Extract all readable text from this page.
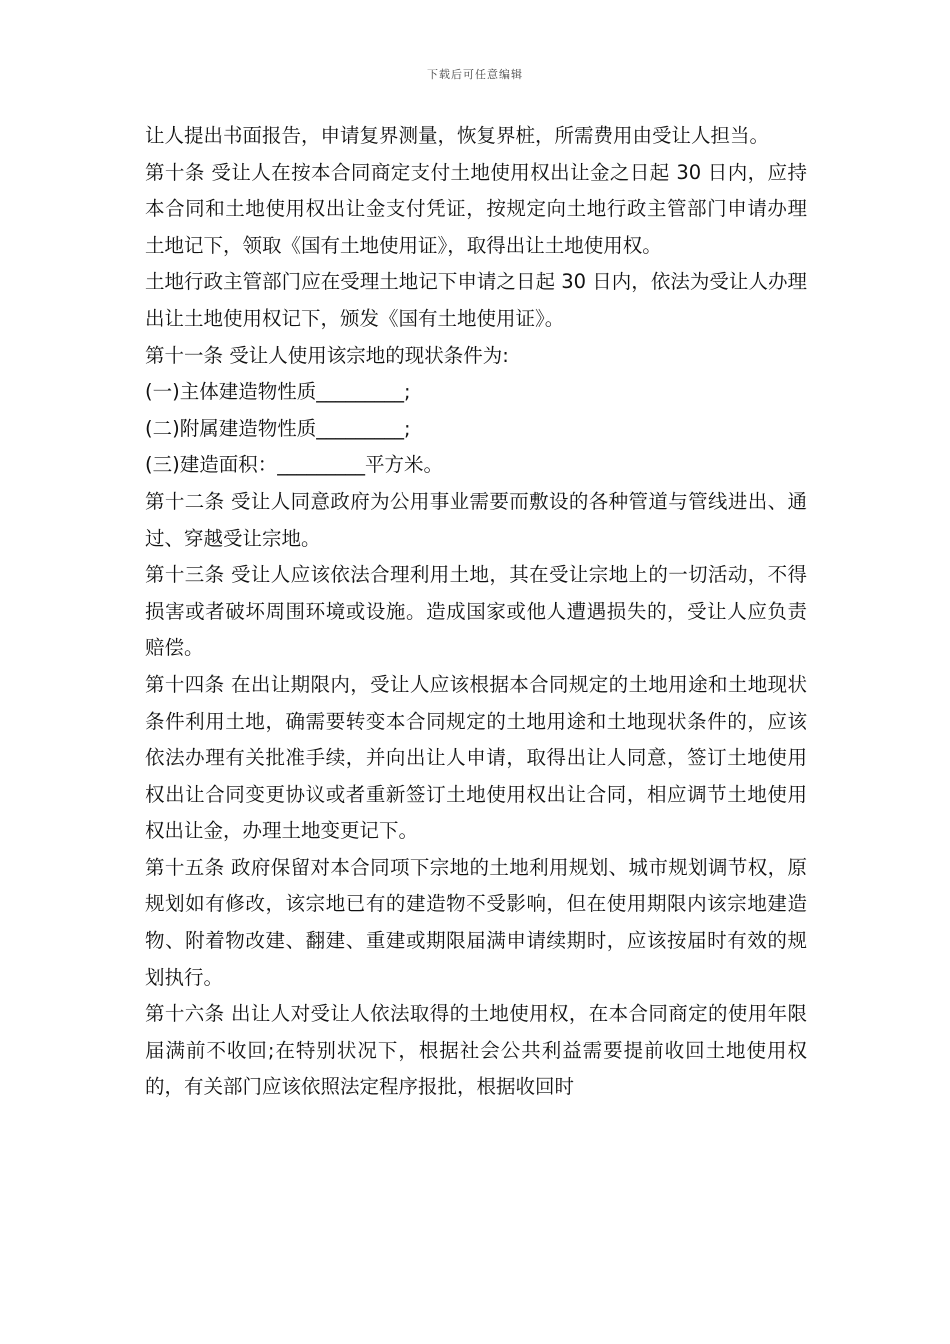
下载后可任意编辑

让人提出书面报告，申请复界测量，恢复界桩，所需费用由受让人担当。

第十条 受让人在按本合同商定支付土地使用权出让金之日起 30 日内，应持本合同和土地使用权出让金支付凭证，按规定向土地行政主管部门申请办理土地记下，领取《国有土地使用证》，取得出让土地使用权。

土地行政主管部门应在受理土地记下申请之日起 30 日内，依法为受让人办理出让土地使用权记下，颁发《国有土地使用证》。

第十一条 受让人使用该宗地的现状条件为:

(一)主体建造物性质_________;

(二)附属建造物性质_________;

(三)建造面积：_________平方米。

第十二条 受让人同意政府为公用事业需要而敷设的各种管道与管线进出、通过、穿越受让宗地。

第十三条 受让人应该依法合理利用土地，其在受让宗地上的一切活动，不得损害或者破坏周围环境或设施。造成国家或他人遭遇损失的，受让人应负责赔偿。

第十四条 在出让期限内，受让人应该根据本合同规定的土地用途和土地现状条件利用土地，确需要转变本合同规定的土地用途和土地现状条件的，应该依法办理有关批准手续，并向出让人申请，取得出让人同意，签订土地使用权出让合同变更协议或者重新签订土地使用权出让合同，相应调节土地使用权出让金，办理土地变更记下。

第十五条 政府保留对本合同项下宗地的土地利用规划、城市规划调节权，原规划如有修改，该宗地已有的建造物不受影响，但在使用期限内该宗地建造物、附着物改建、翻建、重建或期限届满申请续期时，应该按届时有效的规划执行。

第十六条 出让人对受让人依法取得的土地使用权，在本合同商定的使用年限届满前不收回;在特别状况下，根据社会公共利益需要提前收回土地使用权的，有关部门应该依照法定程序报批，根据收回时
